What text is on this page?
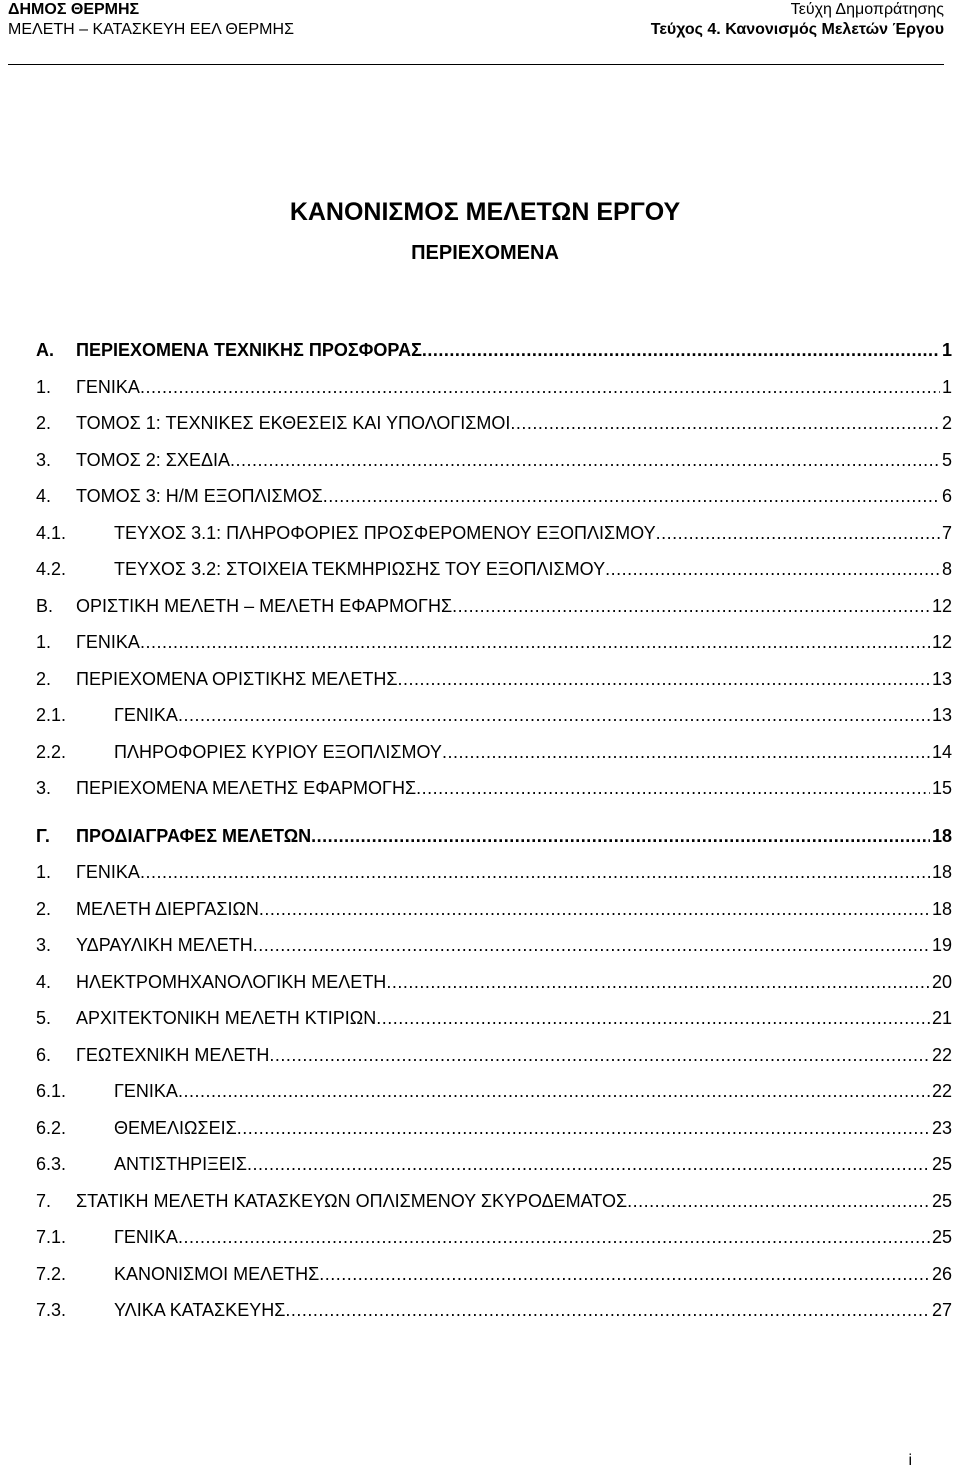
ΔΗΜΟΣ ΘΕΡΜΗΣ
ΜΕΛΕΤΗ – ΚΑΤΑΣΚΕΥΗ ΕΕΛ ΘΕΡΜΗΣ
Τεύχη Δημοπράτησης
Τεύχος 4. Κανονισμός Μελετών Έργου
ΚΑΝΟΝΙΣΜΟΣ ΜΕΛΕΤΩΝ ΕΡΓΟΥ
ΠΕΡΙΕΧΟΜΕΝΑ
Α.	ΠΕΡΙΕΧΟΜΕΝΑ ΤΕΧΝΙΚΗΣ ΠΡΟΣΦΟΡΑΣ .....	1
1.	ΓΕΝΙΚΑ .....	1
2.	ΤΟΜΟΣ 1: ΤΕΧΝΙΚΕΣ ΕΚΘΕΣΕΙΣ ΚΑΙ ΥΠΟΛΟΓΙΣΜΟΙ .....	2
3.	ΤΟΜΟΣ 2: ΣΧΕΔΙΑ .....	5
4.	ΤΟΜΟΣ 3: Η/Μ ΕΞΟΠΛΙΣΜΟΣ .....	6
4.1.	ΤΕΥΧΟΣ 3.1: ΠΛΗΡΟΦΟΡΙΕΣ ΠΡΟΣΦΕΡΟΜΕΝΟΥ ΕΞΟΠΛΙΣΜΟΥ .....	7
4.2.	ΤΕΥΧΟΣ 3.2: ΣΤΟΙΧΕΙΑ ΤΕΚΜΗΡΙΩΣΗΣ ΤΟΥ ΕΞΟΠΛΙΣΜΟΥ .....	8
Β.	ΟΡΙΣΤΙΚΗ ΜΕΛΕΤΗ – ΜΕΛΕΤΗ ΕΦΑΡΜΟΓΗΣ .....	12
1.	ΓΕΝΙΚΑ .....	12
2.	ΠΕΡΙΕΧΟΜΕΝΑ ΟΡΙΣΤΙΚΗΣ ΜΕΛΕΤΗΣ .....	13
2.1.	ΓΕΝΙΚΑ .....	13
2.2.	ΠΛΗΡΟΦΟΡΙΕΣ ΚΥΡΙΟΥ ΕΞΟΠΛΙΣΜΟΥ .....	14
3.	ΠΕΡΙΕΧΟΜΕΝΑ ΜΕΛΕΤΗΣ ΕΦΑΡΜΟΓΗΣ .....	15
Γ.	ΠΡΟΔΙΑΓΡΑΦΕΣ ΜΕΛΕΤΩΝ .....	18
1.	ΓΕΝΙΚΑ .....	18
2.	ΜΕΛΕΤΗ ΔΙΕΡΓΑΣΙΩΝ .....	18
3.	ΥΔΡΑΥΛΙΚΗ ΜΕΛΕΤΗ .....	19
4.	ΗΛΕΚΤΡΟΜΗΧΑΝΟΛΟΓΙΚΗ ΜΕΛΕΤΗ .....	20
5.	ΑΡΧΙΤΕΚΤΟΝΙΚΗ ΜΕΛΕΤΗ ΚΤΙΡΙΩΝ .....	21
6.	ΓΕΩΤΕΧΝΙΚΗ ΜΕΛΕΤΗ .....	22
6.1.	ΓΕΝΙΚΑ .....	22
6.2.	ΘΕΜΕΛΙΩΣΕΙΣ .....	23
6.3.	ΑΝΤΙΣΤΗΡΙΞΕΙΣ .....	25
7.	ΣΤΑΤΙΚΗ ΜΕΛΕΤΗ ΚΑΤΑΣΚΕΥΩΝ ΟΠΛΙΣΜΕΝΟΥ ΣΚΥΡΟΔΕΜΑΤΟΣ .....	25
7.1.	ΓΕΝΙΚΑ .....	25
7.2.	ΚΑΝΟΝΙΣΜΟΙ ΜΕΛΕΤΗΣ .....	26
7.3.	ΥΛΙΚΑ ΚΑΤΑΣΚΕΥΗΣ .....	27
i
